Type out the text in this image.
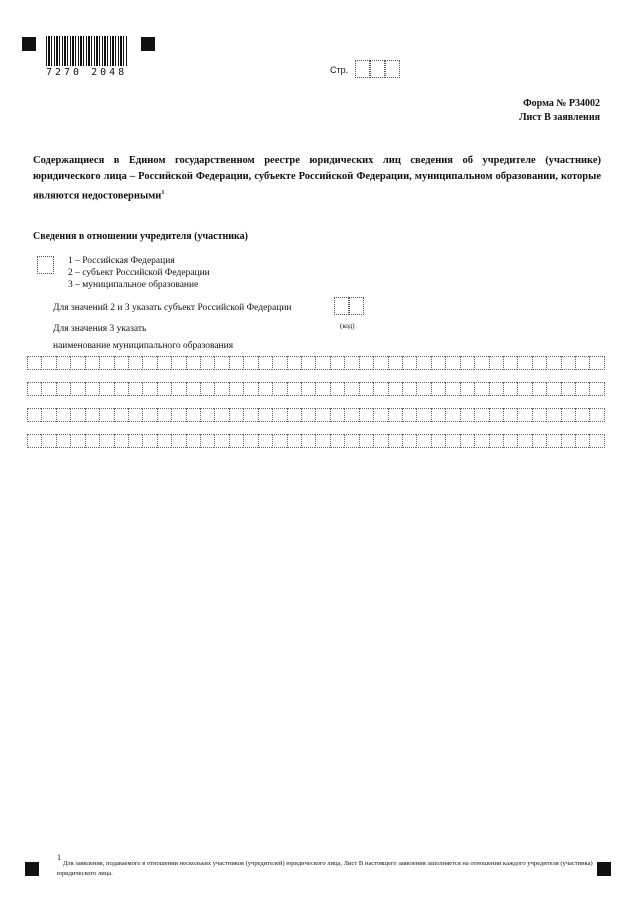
7270 2048	Стр.
Форма № Р34002
Лист В заявления
Содержащиеся в Едином государственном реестре юридических лиц сведения об учредителе (участнике) юридического лица – Российской Федерации, субъекте Российской Федерации, муниципальном образовании, которые являются недостоверными$^1$
Сведения в отношении учредителя (участника)
1 – Российская Федерация
2 – субъект Российской Федерации
3 – муниципальное образование
Для значений 2 и 3 указать субъект Российской Федерации
(код)
Для значения 3 указать
наименование муниципального образования
$^1$Для заявления, подаваемого в отношении нескольких участников (учредителей) юридического лица, Лист В настоящего заявления заполняется на отношении каждого учредителя (участника) юридического лица.
